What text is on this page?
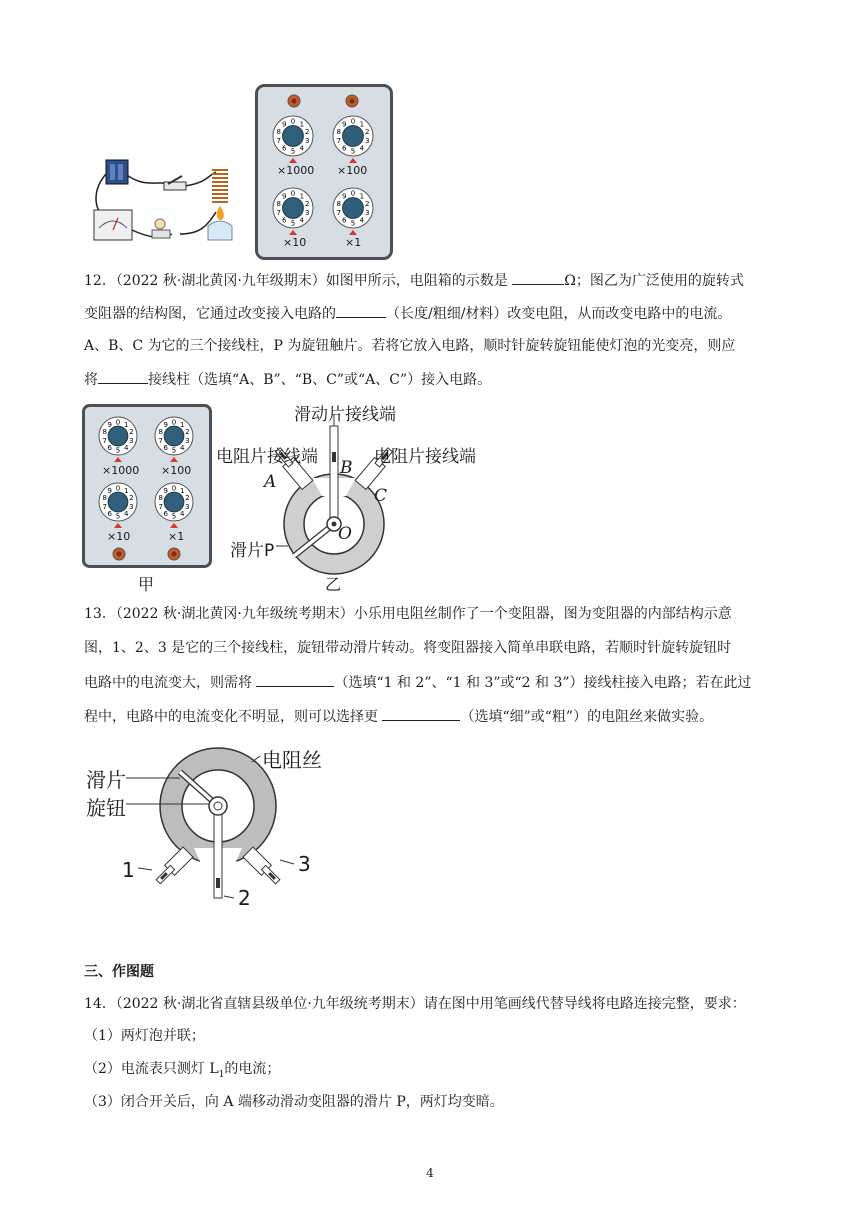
0 1
2
3
4
5
6
7
8
9	0 1
2
3
4
5
6
7
8
9
0 1
2
3
4
5
6
7
8
9	0 1
2
3
4
5
6
7
8
9
×1000 ×100
×10	×1
12．（2022 秋·湖北黄冈·九年级期末）如图甲所示，电阻箱的示数是	Ω；图乙为广泛使用的旋转式
变阻器的结构图，它通过改变接入电路的	（长度/粗细/材料）改变电阻，从而改变电路中的电流。
A、B、C 为它的三个接线柱，P 为旋钮触片。若将它放入电路，顺时针旋转旋钮能使灯泡的光变亮，则应
将	接线柱（选填“A、B”、“B、C”或“A、C”）接入电路。
0 1
2
3
4
5
6
7
8
9	0 1
2
3
4
5
6
7
8
9
0 1
2
3
4
5
6
7
8
9	0 1
2
3
4
5
6
7
8
9
×1000 ×100
×10	×1
甲
滑动片接线端
电阻片接线端	电阻片接线端
A
B
C
O
滑片P
乙
13．（2022 秋·湖北黄冈·九年级统考期末）小乐用电阻丝制作了一个变阻器，图为变阻器的内部结构示意
图，1、2、3 是它的三个接线柱，旋钮带动滑片转动。将变阻器接入简单串联电路，若顺时针旋转旋钮时
电路中的电流变大，则需将	（选填“1 和 2”、“1 和 3”或“2 和 3”）接线柱接入电路；若在此过
程中，电路中的电流变化不明显，则可以选择更	（选填“细”或“粗”）的电阻丝来做实验。
电阻丝
滑片
旋钮
1
2
3
三、作图题
14．（2022 秋·湖北省直辖县级单位·九年级统考期末）请在图中用笔画线代替导线将电路连接完整，要求：
（1）两灯泡并联；
（2）电流表只测灯 $L_1$的电流；
（3）闭合开关后，向 A 端移动滑动变阻器的滑片 P，两灯均变暗。
4
